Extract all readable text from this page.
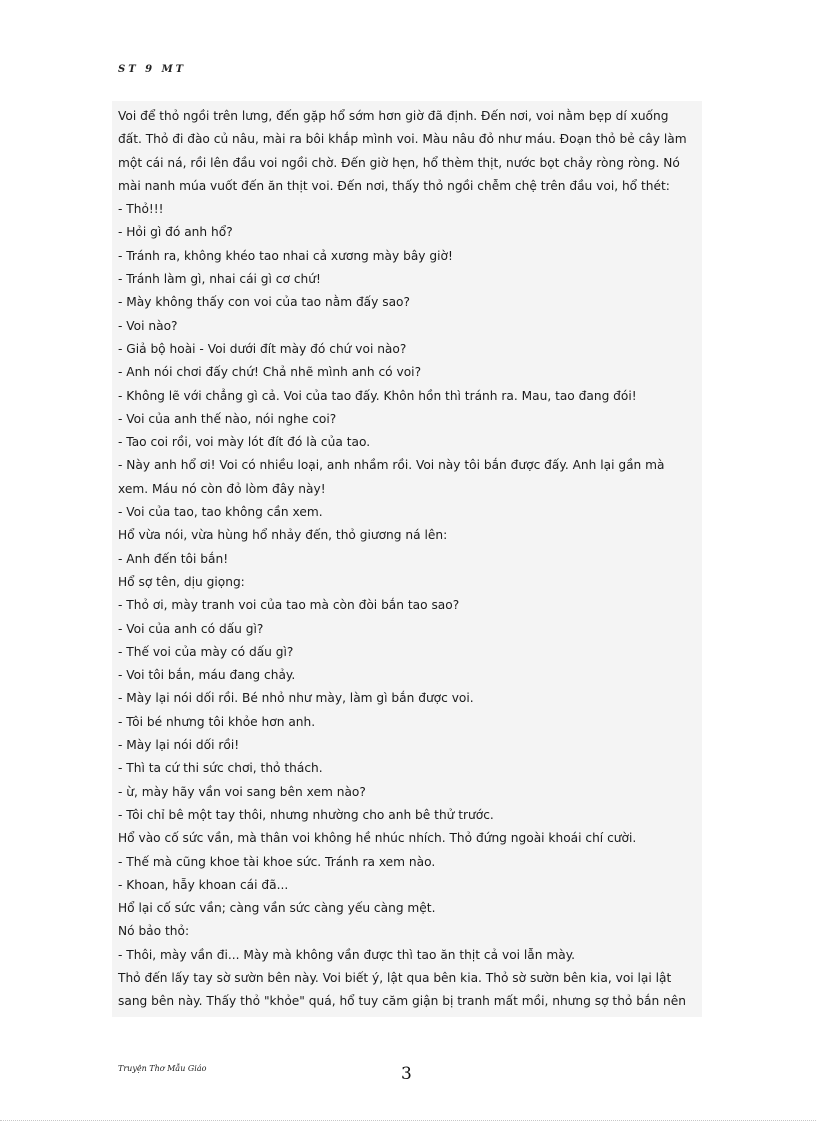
ST 9 MT
Voi để thỏ ngồi trên lưng, đến gặp hổ sớm hơn giờ đã định. Đến nơi, voi nằm bẹp dí xuống
đất. Thỏ đi đào củ nâu, mài ra bôi khắp mình voi. Màu nâu đỏ như máu. Đoạn thỏ bẻ cây làm
một cái ná, rồi lên đầu voi ngồi chờ. Đến giờ hẹn, hổ thèm thịt, nước bọt chảy ròng ròng. Nó
mài nanh múa vuốt đến ăn thịt voi. Đến nơi, thấy thỏ ngồi chễm chệ trên đầu voi, hổ thét:
- Thỏ!!!
- Hỏi gì đó anh hổ?
- Tránh ra, không khéo tao nhai cả xương mày bây giờ!
- Tránh làm gì, nhai cái gì cơ chứ!
- Mày không thấy con voi của tao nằm đấy sao?
- Voi nào?
- Giả bộ hoài - Voi dưới đít mày đó chứ voi nào?
- Anh nói chơi đấy chứ! Chả nhẽ mình anh có voi?
- Không lẽ với chẳng gì cả. Voi của tao đấy. Khôn hồn thì tránh ra. Mau, tao đang đói!
- Voi của anh thế nào, nói nghe coi?
- Tao coi rồi, voi mày lót đít đó là của tao.
- Này anh hổ ơi! Voi có nhiều loại, anh nhầm rồi. Voi này tôi bắn được đấy. Anh lại gần mà
xem. Máu nó còn đỏ lòm đây này!
- Voi của tao, tao không cần xem.
Hổ vừa nói, vừa hùng hổ nhảy đến, thỏ giương ná lên:
- Anh đến tôi bắn!
Hổ sợ tên, dịu giọng:
- Thỏ ơi, mày tranh voi của tao mà còn đòi bắn tao sao?
- Voi của anh có dấu gì?
- Thế voi của mày có dấu gì?
- Voi tôi bắn, máu đang chảy.
- Mày lại nói dối rồi. Bé nhỏ như mày, làm gì bắn được voi.
- Tôi bé nhưng tôi khỏe hơn anh.
- Mày lại nói dối rồi!
- Thì ta cứ thi sức chơi, thỏ thách.
- ừ, mày hãy vần voi sang bên xem nào?
- Tôi chỉ bê một tay thôi, nhưng nhường cho anh bê thử trước.
Hổ vào cố sức vần, mà thân voi không hề nhúc nhích. Thỏ đứng ngoài khoái chí cười.
- Thế mà cũng khoe tài khoe sức. Tránh ra xem nào.
- Khoan, hẵy khoan cái đã...
Hổ lại cố sức vần; càng vần sức càng yếu càng mệt.
Nó bảo thỏ:
- Thôi, mày vần đi... Mày mà không vần được thì tao ăn thịt cả voi lẫn mày.
Thỏ đến lấy tay sờ sườn bên này. Voi biết ý, lật qua bên kia. Thỏ sờ sườn bên kia, voi lại lật
sang bên này. Thấy thỏ "khỏe" quá, hổ tuy căm giận bị tranh mất mồi, nhưng sợ thỏ bắn nên
Truyện Thơ Mẫu Giáo	3
